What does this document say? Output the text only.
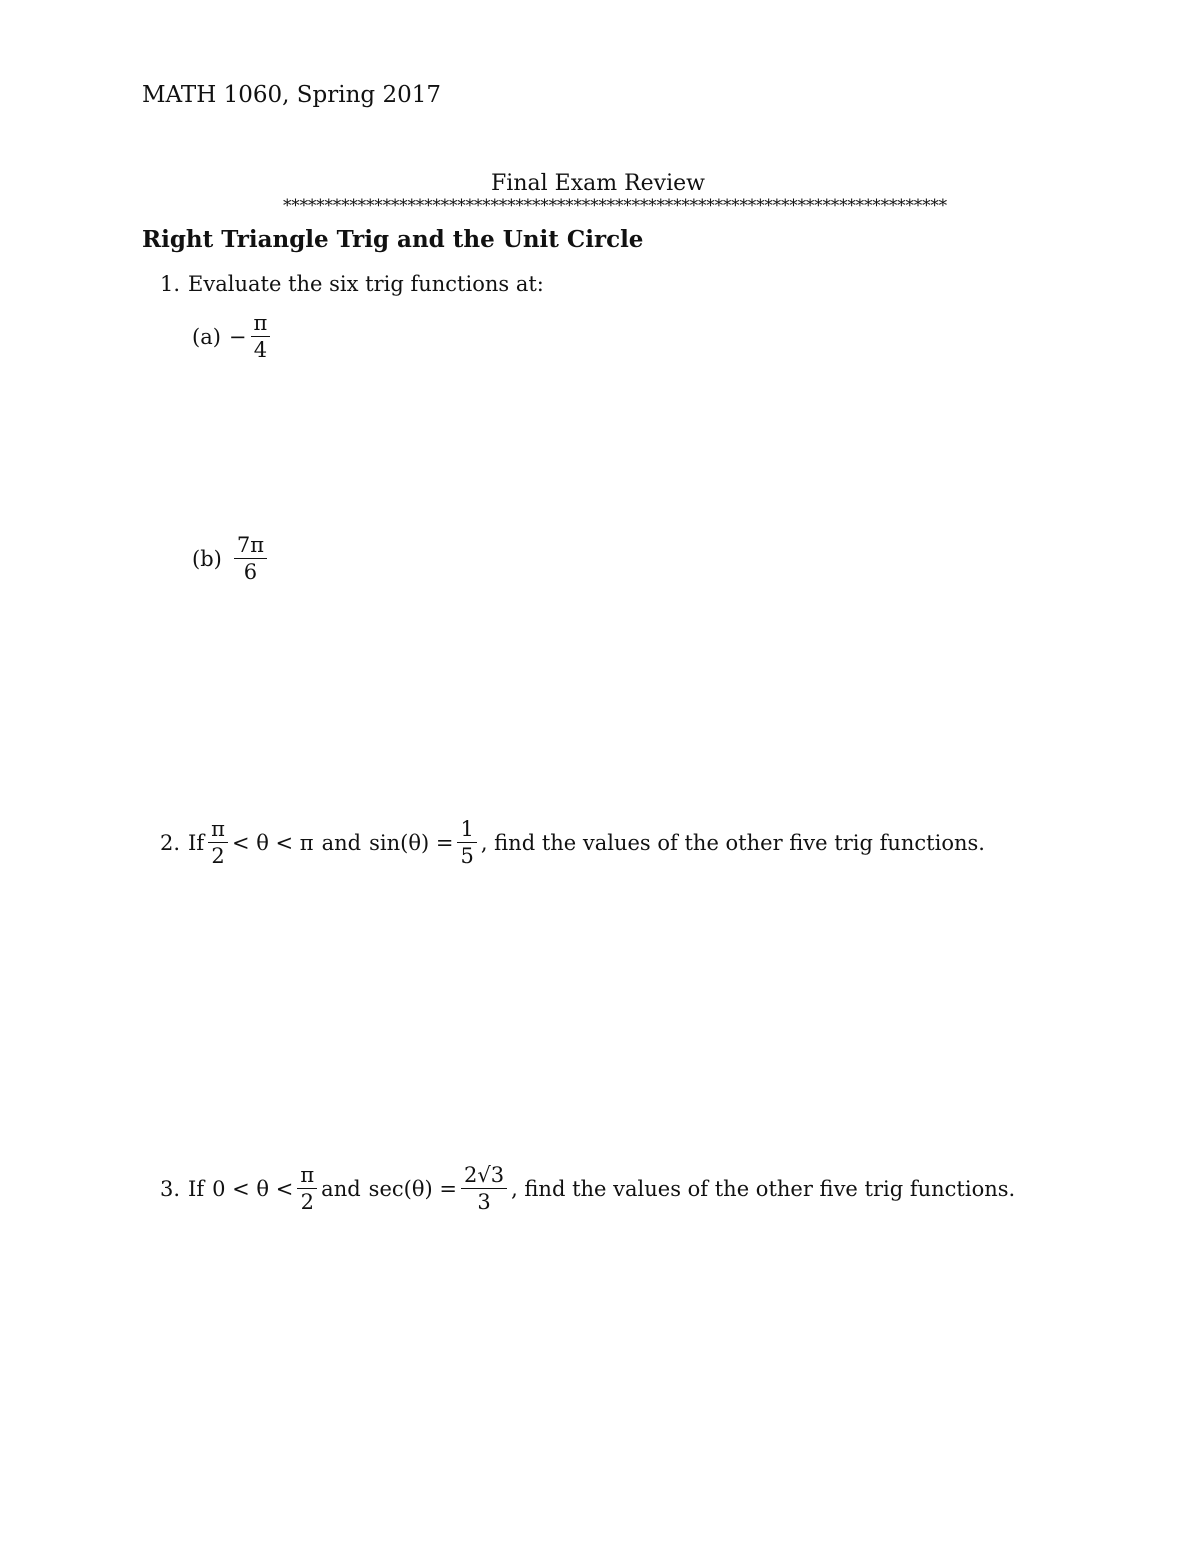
MATH 1060, Spring 2017
Final Exam Review
********************************************************************************
Right Triangle Trig and the Unit Circle
1. Evaluate the six trig functions at:
$(a) - \frac{\pi}{4}$
$(b) \frac{7\pi}{6}$
2. If $\frac{\pi}{2} < \theta < \pi$ and $\sin(\theta) = \frac{1}{5}$ , find the values of the other five trig functions.
3. If $0 < \theta < \frac{\pi}{2}$ and $\sec(\theta) = \frac{2√3}{3}$ , find the values of the other five trig functions.
